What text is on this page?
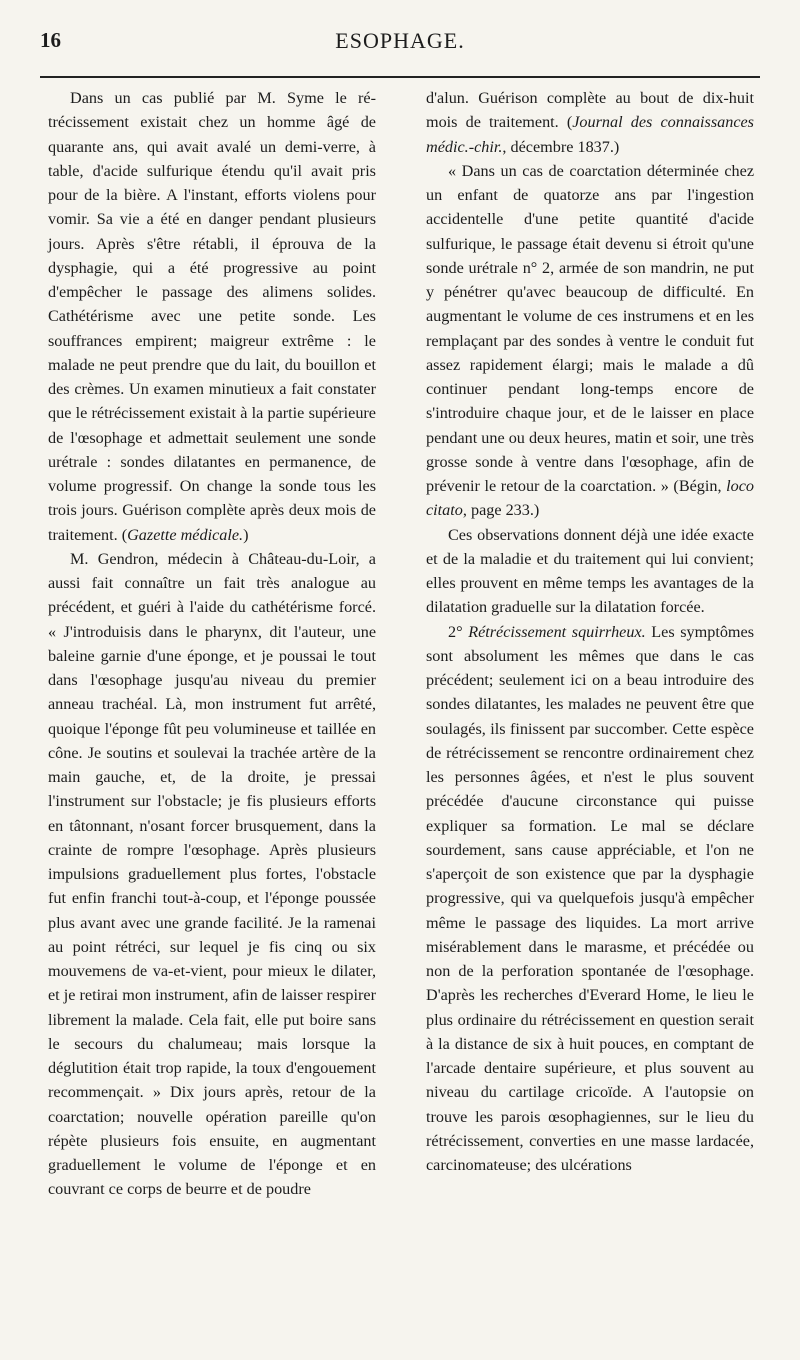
16	ESOPHAGE.

Dans un cas publié par M. Syme le ré-trécissement existait chez un homme âgé de quarante ans, qui avait avalé un demi-verre, à table, d'acide sulfurique étendu qu'il avait pris pour de la bière. A l'instant, efforts violens pour vomir. Sa vie a été en danger pendant plusieurs jours. Après s'être rétabli, il éprouva de la dysphagie, qui a été progressive au point d'empêcher le passage des alimens solides. Cathétérisme avec une petite sonde. Les souffrances empirent; maigreur extrême : le malade ne peut prendre que du lait, du bouillon et des crèmes. Un examen minutieux a fait constater que le rétrécissement existait à la partie supérieure de l'œsophage et admettait seulement une sonde urétrale : sondes dilatantes en permanence, de volume progressif. On change la sonde tous les trois jours. Guérison complète après deux mois de traitement. (Gazette médicale.)

M. Gendron, médecin à Château-du-Loir, a aussi fait connaître un fait très analogue au précédent, et guéri à l'aide du cathétérisme forcé. « J'introduisis dans le pharynx, dit l'auteur, une baleine garnie d'une éponge, et je poussai le tout dans l'œsophage jusqu'au niveau du premier anneau trachéal. Là, mon instrument fut arrêté, quoique l'éponge fût peu volumineuse et taillée en cône. Je soutins et soulevai la trachée artère de la main gauche, et, de la droite, je pressai l'instrument sur l'obstacle; je fis plusieurs efforts en tâtonnant, n'osant forcer brusquement, dans la crainte de rompre l'œsophage. Après plusieurs impulsions graduellement plus fortes, l'obstacle fut enfin franchi tout-à-coup, et l'éponge poussée plus avant avec une grande facilité. Je la ramenai au point rétréci, sur lequel je fis cinq ou six mouvemens de va-et-vient, pour mieux le dilater, et je retirai mon instrument, afin de laisser respirer librement la malade. Cela fait, elle put boire sans le secours du chalumeau; mais lorsque la déglutition était trop rapide, la toux d'engouement recommençait. » Dix jours après, retour de la coarctation; nouvelle opération pareille qu'on répète plusieurs fois ensuite, en augmentant graduellement le volume de l'éponge et en couvrant ce corps de beurre et de poudre

d'alun. Guérison complète au bout de dix-huit mois de traitement. (Journal des connaissances médic.-chir., décembre 1837.)

« Dans un cas de coarctation déterminée chez un enfant de quatorze ans par l'ingestion accidentelle d'une petite quantité d'acide sulfurique, le passage était devenu si étroit qu'une sonde urétrale n° 2, armée de son mandrin, ne put y pénétrer qu'avec beaucoup de difficulté. En augmentant le volume de ces instrumens et en les remplaçant par des sondes à ventre le conduit fut assez rapidement élargi; mais le malade a dû continuer pendant long-temps encore de s'introduire chaque jour, et de le laisser en place pendant une ou deux heures, matin et soir, une très grosse sonde à ventre dans l'œsophage, afin de prévenir le retour de la coarctation. » (Bégin, loco citato, page 233.)

Ces observations donnent déjà une idée exacte et de la maladie et du traitement qui lui convient; elles prouvent en même temps les avantages de la dilatation graduelle sur la dilatation forcée.

2° Rétrécissement squirrheux. Les symptômes sont absolument les mêmes que dans le cas précédent; seulement ici on a beau introduire des sondes dilatantes, les malades ne peuvent être que soulagés, ils finissent par succomber. Cette espèce de rétrécissement se rencontre ordinairement chez les personnes âgées, et n'est le plus souvent précédée d'aucune circonstance qui puisse expliquer sa formation. Le mal se déclare sourdement, sans cause appréciable, et l'on ne s'aperçoit de son existence que par la dysphagie progressive, qui va quelquefois jusqu'à empêcher même le passage des liquides. La mort arrive misérablement dans le marasme, et précédée ou non de la perforation spontanée de l'œsophage. D'après les recherches d'Everard Home, le lieu le plus ordinaire du rétrécissement en question serait à la distance de six à huit pouces, en comptant de l'arcade dentaire supérieure, et plus souvent au niveau du cartilage cricoïde. A l'autopsie on trouve les parois œsophagiennes, sur le lieu du rétrécissement, converties en une masse lardacée, carcinomateuse; des ulcérations
